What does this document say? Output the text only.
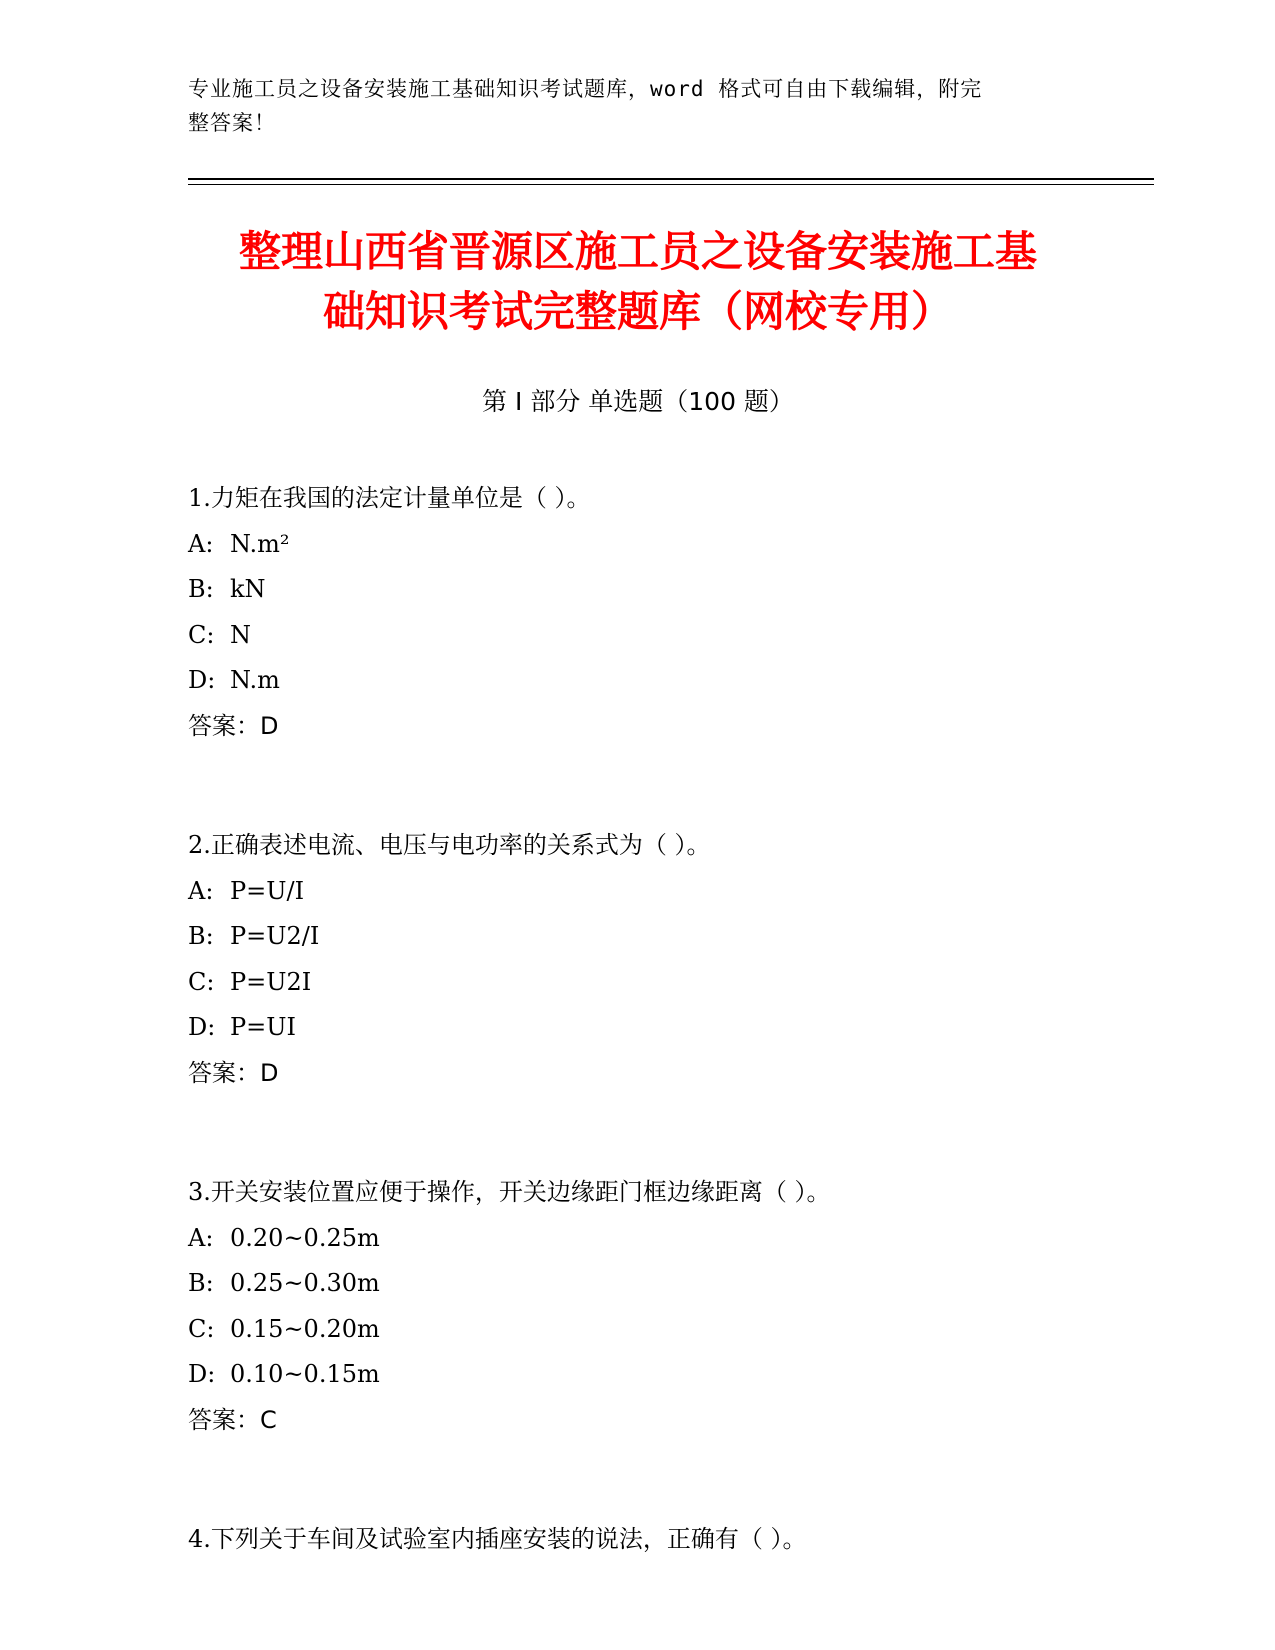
专业施工员之设备安装施工基础知识考试题库，word 格式可自由下载编辑，附完
整答案！
整理山西省晋源区施工员之设备安装施工基
础知识考试完整题库（网校专用）
第 I 部分 单选题（100 题）
1.力矩在我国的法定计量单位是（ ）。
A: N.m²
B: kN
C: N
D: N.m
答案：D
2.正确表述电流、电压与电功率的关系式为（ ）。
A: P=U/I
B: P=U2/I
C: P=U2I
D: P=UI
答案：D
3.开关安装位置应便于操作，开关边缘距门框边缘距离（ ）。
A: 0.20~0.25m
B: 0.25~0.30m
C: 0.15~0.20m
D: 0.10~0.15m
答案：C
4.下列关于车间及试验室内插座安装的说法，正确有（ ）。
